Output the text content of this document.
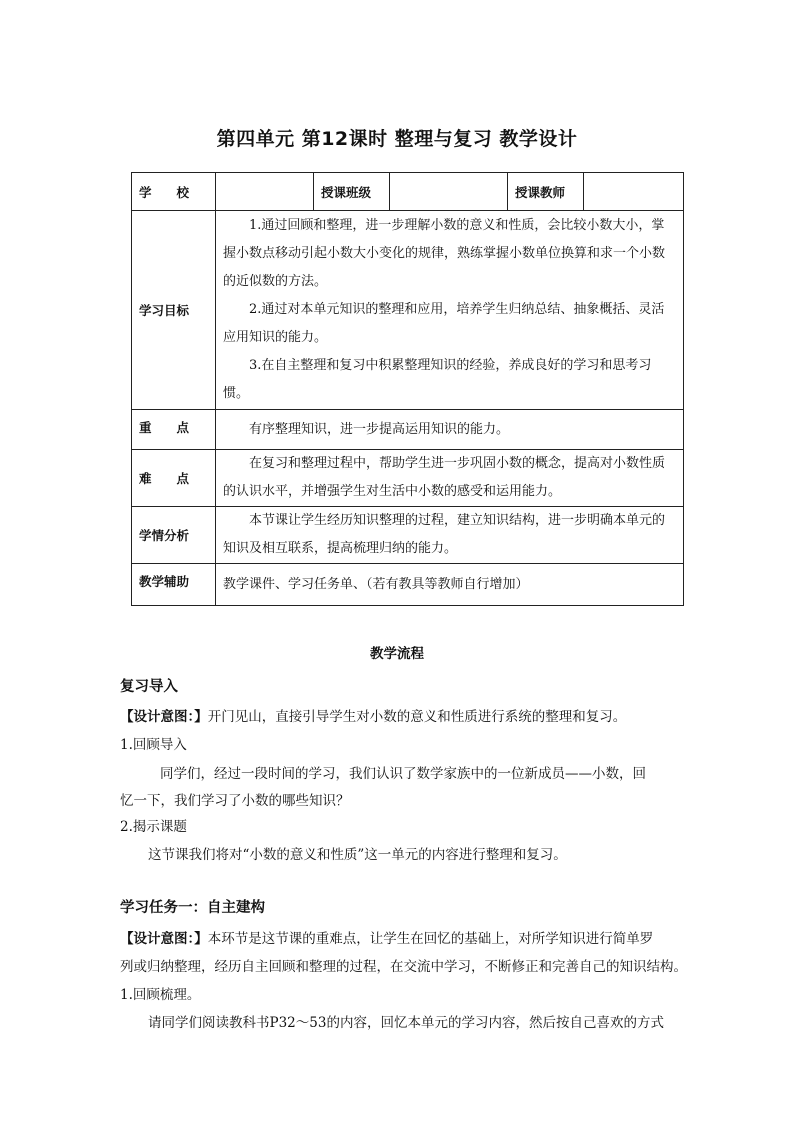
第四单元 第12课时 整理与复习 教学设计
学　　校		授课班级		授课教师	
学习目标	1.通过回顾和整理，进一步理解小数的意义和性质，会比较小数大小，掌握小数点移动引起小数大小变化的规律，熟练掌握小数单位换算和求一个小数的近似数的方法。

2.通过对本单元知识的整理和应用，培养学生归纳总结、抽象概括、灵活应用知识的能力。

3.在自主整理和复习中积累整理知识的经验，养成良好的学习和思考习惯。				

重　　点	有序整理知识，进一步提高运用知识的能力。				

难　　点	在复习和整理过程中，帮助学生进一步巩固小数的概念，提高对小数性质的认识水平，并增强学生对生活中小数的感受和运用能力。				

学情分析	本节课让学生经历知识整理的过程，建立知识结构，进一步明确本单元的知识及相互联系，提高梳理归纳的能力。				

教学辅助	教学课件、学习任务单、（若有教具等教师自行增加）				

教学流程
复习导入
【设计意图：】开门见山，直接引导学生对小数的意义和性质进行系统的整理和复习。
1.回顾导入
同学们，经过一段时间的学习，我们认识了数学家族中的一位新成员——小数，回
忆一下，我们学习了小数的哪些知识？
2.揭示课题
这节课我们将对“小数的意义和性质”这一单元的内容进行整理和复习。
学习任务一：自主建构
【设计意图：】本环节是这节课的重难点，让学生在回忆的基础上，对所学知识进行简单罗
列或归纳整理，经历自主回顾和整理的过程，在交流中学习，不断修正和完善自己的知识结构。
1.回顾梳理。
请同学们阅读教科书P32～53的内容，回忆本单元的学习内容，然后按自己喜欢的方式
